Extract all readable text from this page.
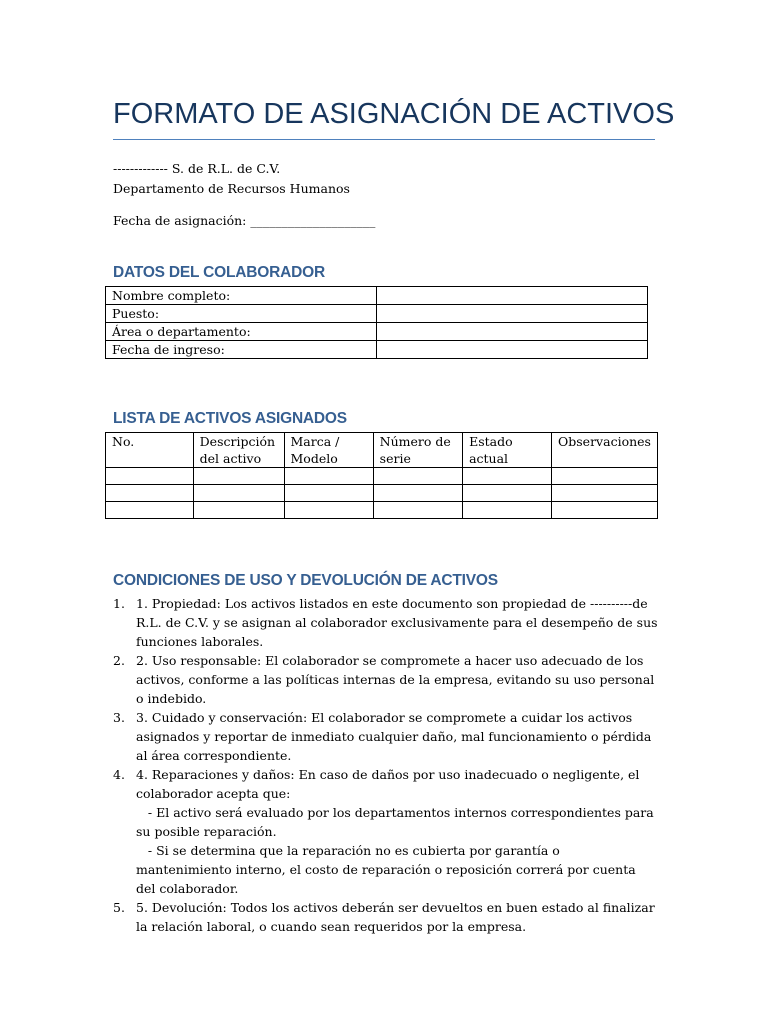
FORMATO DE ASIGNACIÓN DE ACTIVOS
------------- S. de R.L. de C.V.
Departamento de Recursos Humanos
Fecha de asignación: ____________________
DATOS DEL COLABORADOR
Nombre completo:	
Puesto:	
Área o departamento:	
Fecha de ingreso:	
LISTA DE ACTIVOS ASIGNADOS
No.	Descripción del activo	Marca / Modelo	Número de serie	Estado actual	Observaciones

CONDICIONES DE USO Y DEVOLUCIÓN DE ACTIVOS
1. 1. Propiedad: Los activos listados en este documento son propiedad de ----------de R.L. de C.V. y se asignan al colaborador exclusivamente para el desempeño de sus funciones laborales.
2. 2. Uso responsable: El colaborador se compromete a hacer uso adecuado de los activos, conforme a las políticas internas de la empresa, evitando su uso personal o indebido.
3. 3. Cuidado y conservación: El colaborador se compromete a cuidar los activos asignados y reportar de inmediato cualquier daño, mal funcionamiento o pérdida al área correspondiente.
4. 4. Reparaciones y daños: En caso de daños por uso inadecuado o negligente, el colaborador acepta que:
- El activo será evaluado por los departamentos internos correspondientes para su posible reparación.
- Si se determina que la reparación no es cubierta por garantía o mantenimiento interno, el costo de reparación o reposición correrá por cuenta del colaborador.
5. 5. Devolución: Todos los activos deberán ser devueltos en buen estado al finalizar la relación laboral, o cuando sean requeridos por la empresa.
